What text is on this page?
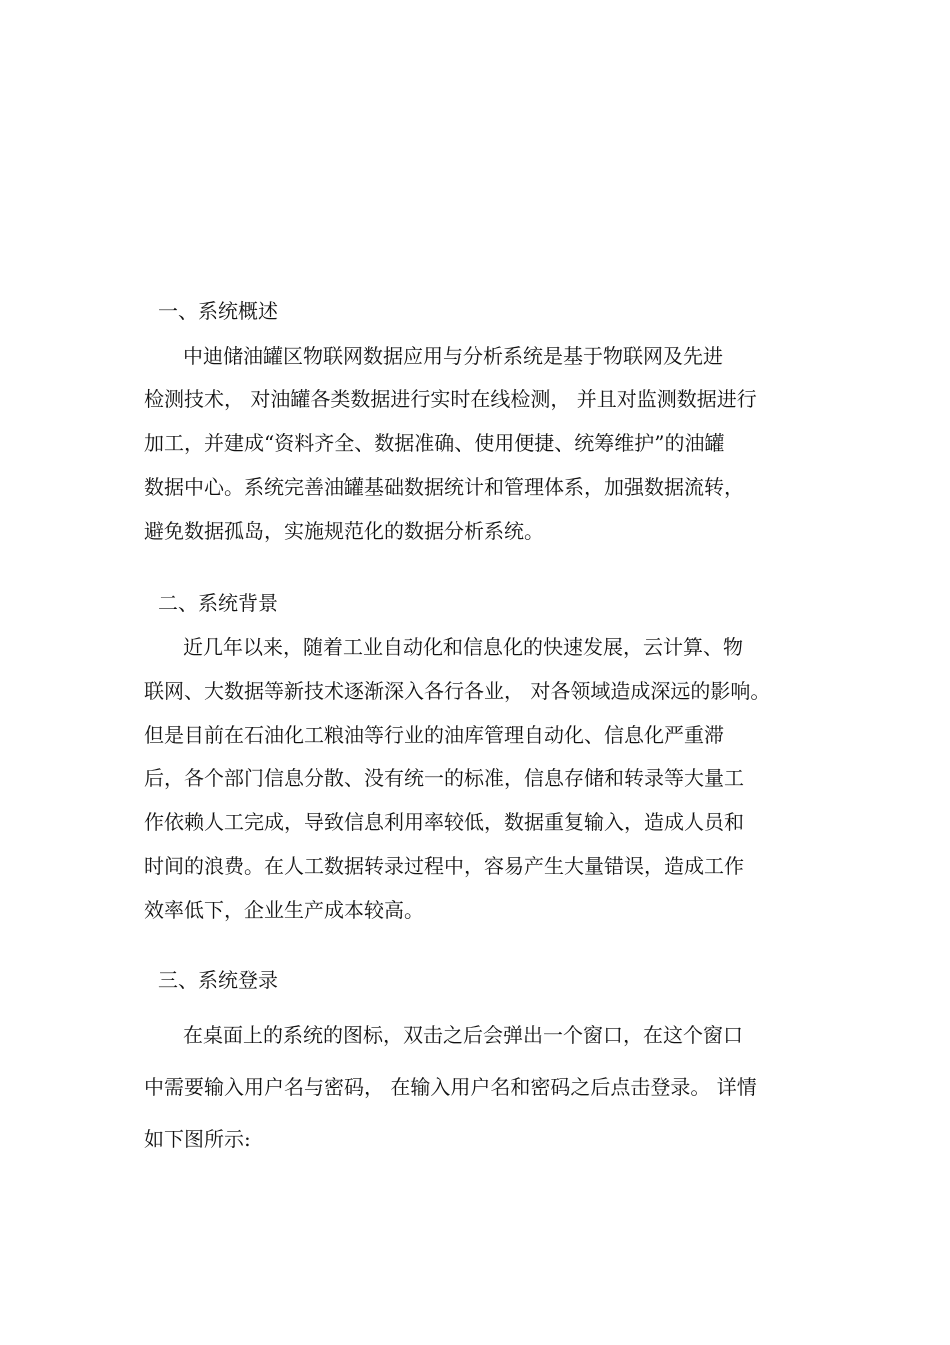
一、系统概述

中迪储油罐区物联网数据应用与分析系统是基于物联网及先进

检测技术， 对油罐各类数据进行实时在线检测， 并且对监测数据进行

加工，并建成“资料齐全、数据准确、使用便捷、统筹维护”的油罐

数据中心。系统完善油罐基础数据统计和管理体系，加强数据流转，

避免数据孤岛，实施规范化的数据分析系统。

二、系统背景

近几年以来，随着工业自动化和信息化的快速发展，云计算、物

联网、大数据等新技术逐渐深入各行各业， 对各领域造成深远的影响。

但是目前在石油化工粮油等行业的油库管理自动化、信息化严重滞

后，各个部门信息分散、没有统一的标准，信息存储和转录等大量工

作依赖人工完成，导致信息利用率较低，数据重复输入，造成人员和

时间的浪费。在人工数据转录过程中，容易产生大量错误，造成工作

效率低下，企业生产成本较高。

三、系统登录

在桌面上的系统的图标，双击之后会弹出一个窗口，在这个窗口

中需要输入用户名与密码， 在输入用户名和密码之后点击登录。 详情

如下图所示:
